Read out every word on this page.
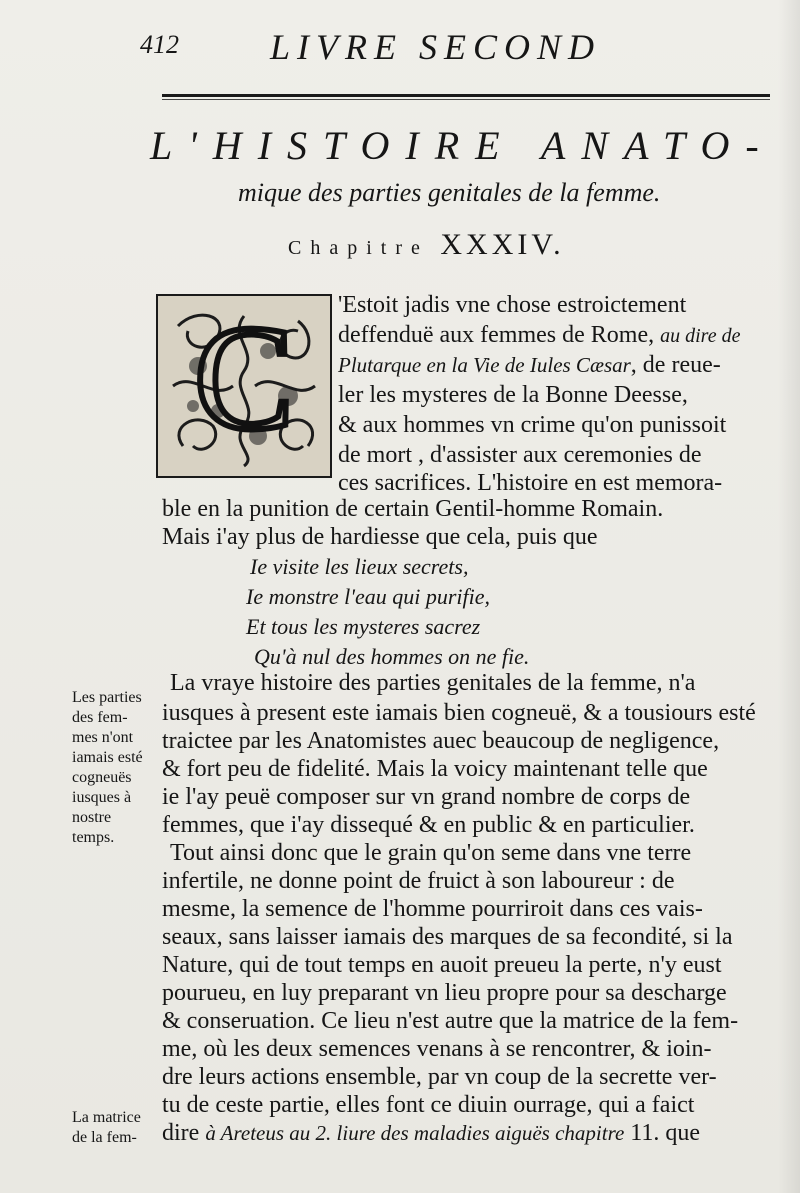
412	LIVRE SECOND
L'HISTOIRE ANATO-
mique des parties genitales de la femme.
Chapitre XXXIV.
C 'Estoit jadis vne chose estroictement
deffenduë aux femmes de Rome, au dire de
Plutarque en la Vie de Iules Cæsar, de reue-
ler les mysteres de la Bonne Deesse,
& aux hommes vn crime qu'on punissoit
de mort , d'assister aux ceremonies de
ces sacrifices. L'histoire en est memora-
ble en la punition de certain Gentil-homme Romain.
Mais i'ay plus de hardiesse que cela, puis que
Ie visite les lieux secrets,
Ie monstre l'eau qui purifie,
Et tous les mysteres sacrez
Qu'à nul des hommes on ne fie.
La vraye histoire des parties genitales de la femme, n'a
iusques à present este iamais bien cogneuë, & a tousiours esté
traictee par les Anatomistes auec beaucoup de negligence,
& fort peu de fidelité. Mais la voicy maintenant telle que
ie l'ay peuë composer sur vn grand nombre de corps de
femmes, que i'ay dissequé & en public & en particulier.
Tout ainsi donc que le grain qu'on seme dans vne terre
infertile, ne donne point de fruict à son laboureur : de
mesme, la semence de l'homme pourriroit dans ces vais-
seaux, sans laisser iamais des marques de sa fecondité, si la
Nature, qui de tout temps en auoit preueu la perte, n'y eust
pourueu, en luy preparant vn lieu propre pour sa descharge
& conseruation. Ce lieu n'est autre que la matrice de la fem-
me, où les deux semences venans à se rencontrer, & ioin-
dre leurs actions ensemble, par vn coup de la secrette ver-
tu de ceste partie, elles font ce diuin ourrage, qui a faict
dire à Areteus au 2. liure des maladies aiguës chapitre 11. que
Les parties
des fem-
mes n'ont
iamais esté
cogneuës
iusques à
nostre
temps.
La matrice
de la fem-
